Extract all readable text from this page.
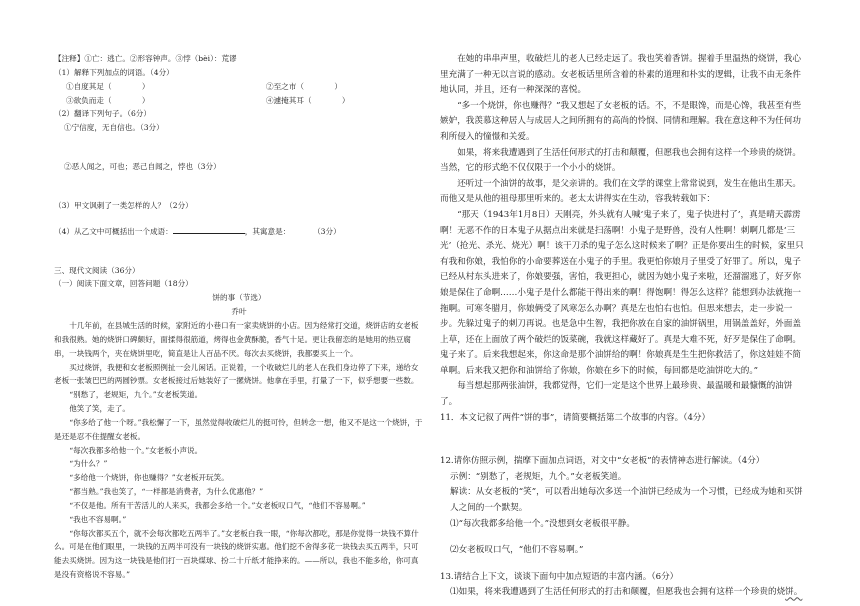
【注释】①亡：逃亡。②形容钟声。③悖（bèi）：荒谬

（1）解释下列加点的词语。（4分）

①自度其足（　　　　）	②至之市（　　　　）
③欲负而走（　　　　）	④遽掩其耳（　　　　）

（2）翻译下列句子。（6分）

①宁信度，无自信也。（3分）

②恶人闻之，可也；恶己自闻之，悖也（3分）

（3）甲文讽刺了一类怎样的人？（2分）

（4）从乙文中可概括出一个成语：	，其寓意是：　　　　（3分）

三、现代文阅读（36分）

（一）阅读下面文章，回答问题（18分）

饼的事（节选）

乔叶

十几年前，在县城生活的时候，家附近的小巷口有一家卖烧饼的小店。因为经常打交道，烧饼店的女老板和我很熟。她的烧饼口碑颇好，面揉得很筋道，烤得也金黄酥脆，香气十足。更让我留恋的是她用的热豆腐串，一块钱两个，夹在烧饼里吃，简直是让人百品不厌。每次去买烧饼，我都要买上一个。

买过烧饼，我便和女老板照例扯一会儿闲话。正说着，一个收破烂儿的老人在我们身边停了下来，递给女老板一张皱巴巴的两圆钞票。女老板接过后她装好了一摞烧饼。他拿在手里，打量了一下，似乎想要一些数。

“别愁了，老规矩，九个。”女老板笑道。

他笑了笑，走了。

“你多给了他一个呀。”我松懈了一下，虽然觉得收破烂儿的挺可怜，但转念一想，他又不是这一个烧饼，于是还是忍不住提醒女老板。

“每次我都多给他一个。”女老板小声说。

“为什么？”

“多给他一个烧饼，你也赚得？”女老板开玩笑。

“都当熟。”我也笑了，“一样都是消费者，为什么优惠他？”

“不仅是他。所有干苦活儿的人来买，我都会多给一个。”女老板叹口气，“他们不容易啊。”

“我也不容易啊。”

“你每次都买五个，就不会每次都吃五两半了。”女老板白我一眼，“你每次都吃，那是你觉得一块钱不算什么。可是在他们眼里，一块钱的五两半可没有一块钱的烧饼实惠。他们挖不舍得多花一块钱去买五两半，只可能去买烧饼。因为这一块钱是他们打一百块煤球、扮二十斤纸才能挣来的。——所以，我也不能多给，你可真是没有资格说不容易。”

在她的串串声里，收破烂儿的老人已经走远了。我也笑着香饼。握着手里温热的烧饼，我心里充满了一种无以言说的感动。女老板话里所含着的朴素的道理和朴实的逻辑，让我不由无条件地认同，并且，还有一种深深的喜悦。

“多一个烧饼，你也赚得？”我又想起了女老板的话。不，不是眼馋，而是心馋，我甚至有些嫉妒，我羡慕这种居人与成居人之间所拥有的高尚的怜悯、同情和理解。我在意这种不为任何功利所侵入的憧憬和关爱。

如果，将来我遭遇到了生活任何形式的打击和颠覆，但愿我也会拥有这样一个珍贵的烧饼。当然，它的形式绝不仅仅限于一个小小的烧饼。

还听过一个油饼的故事，是父亲讲的。我们在文学的课堂上常常说到，发生在他出生那天。而他又是从他的祖母那里听来的。老太太讲得实在生动，容我转载如下：

“那天（1943年1月8日）天刚亮，外头就有人喊‘鬼子来了，鬼子快进村了’，真是晴天霹雳啊！无恶不作的日本鬼子从据点出来就是扫荡啊！小鬼子是野兽，没有人性啊！刺啊几都是‘三光’（抢光、杀光、烧光）啊！该干刀杀的鬼子怎么这时候来了啊？正是你要出生的时候，家里只有我和你娘，我怕你的小命要葬送在小鬼子的手里。我更怕你娘月子里受了好罪了。所以，鬼子已经从村东头进来了，你娘要强，害怕，我更担心，就因为她小鬼子来啦，还溜溜逃了，好歹你娘是保住了命啊……小鬼子是什么都能干得出来的啊！得饱啊！得怎么这样？能想到办法就拖一拖啊。可寒冬腊月，你娘俩受了风寒怎么办啊？真是左也怕右也怕。但思来想去，走一步说一步。先躲过鬼子的刺刀再说。也是急中生智，我把你放在自家的油饼锅里，用锅盖盖好，外面盖上草，还在上面放了两个破烂的饭菜碗，我就这样藏好了。真是大难不死，好歹是保住了命啊。鬼子来了。后来我想起来，你这命是那个油饼给的啊！你娘真是生生把你救活了，你这娃娃不简单啊。后来我又把你和油饼给了你娘，你娘在乡下的时候，每回都是吃油饼吃大的。”

每当想起那两张油饼，我都觉得，它们一定是这个世界上最珍贵、最温暖和最慷慨的油饼了。

11．本文记叙了两件“饼的事”，请简要概括第二个故事的内容。（4分）

12.请你仿照示例，揣摩下面加点词语，对文中“女老板”的表情神态进行解读。（4分）

示例：“别愁了，老规矩，九个。”女老板笑道。

解读：从女老板的“笑”，可以看出她每次多送一个油饼已经成为一个习惯，已经成为她和买饼人之间的一个默契。

⑴“每次我都多给他一个。”没想到女老板很平静。

⑵女老板叹口气，“他们不容易啊。”

13.请结合上下文，谈谈下面句中加点短语的丰富内涵。（6分）

⑴如果，将来我遭遇到了生活任何形式的打击和颠覆，但愿我也会拥有这样一个珍贵的烧饼。
